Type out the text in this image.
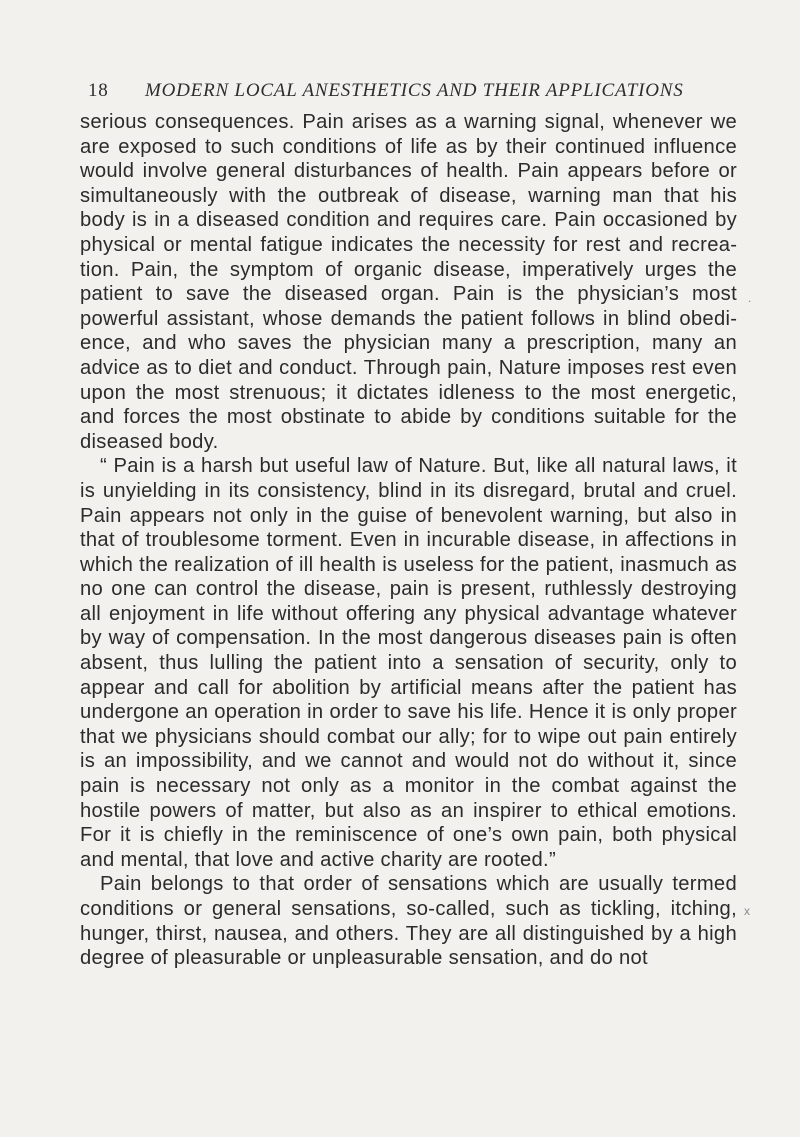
18 MODERN LOCAL ANESTHETICS AND THEIR APPLICATIONS

serious consequences. Pain arises as a warning signal, whenever we are exposed to such conditions of life as by their continued influence would involve general disturbances of health. Pain appears before or simultaneously with the outbreak of disease, warning man that his body is in a diseased condition and requires care. Pain occasioned by physical or mental fatigue indicates the necessity for rest and recreation. Pain, the symptom of organic disease, imperatively urges the patient to save the diseased organ. Pain is the physician’s most powerful assistant, whose demands the patient follows in blind obedience, and who saves the physician many a prescription, many an advice as to diet and conduct. Through pain, Nature imposes rest even upon the most strenuous; it dictates idleness to the most energetic, and forces the most obstinate to abide by conditions suitable for the diseased body.

“ Pain is a harsh but useful law of Nature. But, like all natural laws, it is unyielding in its consistency, blind in its disregard, brutal and cruel. Pain appears not only in the guise of benevolent warning, but also in that of troublesome torment. Even in incurable disease, in affections in which the realization of ill health is useless for the patient, inasmuch as no one can control the disease, pain is present, ruthlessly destroying all enjoyment in life without offering any physical advantage whatever by way of compensation. In the most dangerous diseases pain is often absent, thus lulling the patient into a sensation of security, only to appear and call for abolition by artificial means after the patient has undergone an operation in order to save his life. Hence it is only proper that we physicians should combat our ally; for to wipe out pain entirely is an impossibility, and we cannot and would not do without it, since pain is necessary not only as a monitor in the combat against the hostile powers of matter, but also as an inspirer to ethical emotions. For it is chiefly in the reminiscence of one’s own pain, both physical and mental, that love and active charity are rooted.”

Pain belongs to that order of sensations which are usually termed conditions or general sensations, so-called, such as tickling, itching, hunger, thirst, nausea, and others. They are all distinguished by a high degree of pleasurable or unpleasurable sensation, and do not

.
x
